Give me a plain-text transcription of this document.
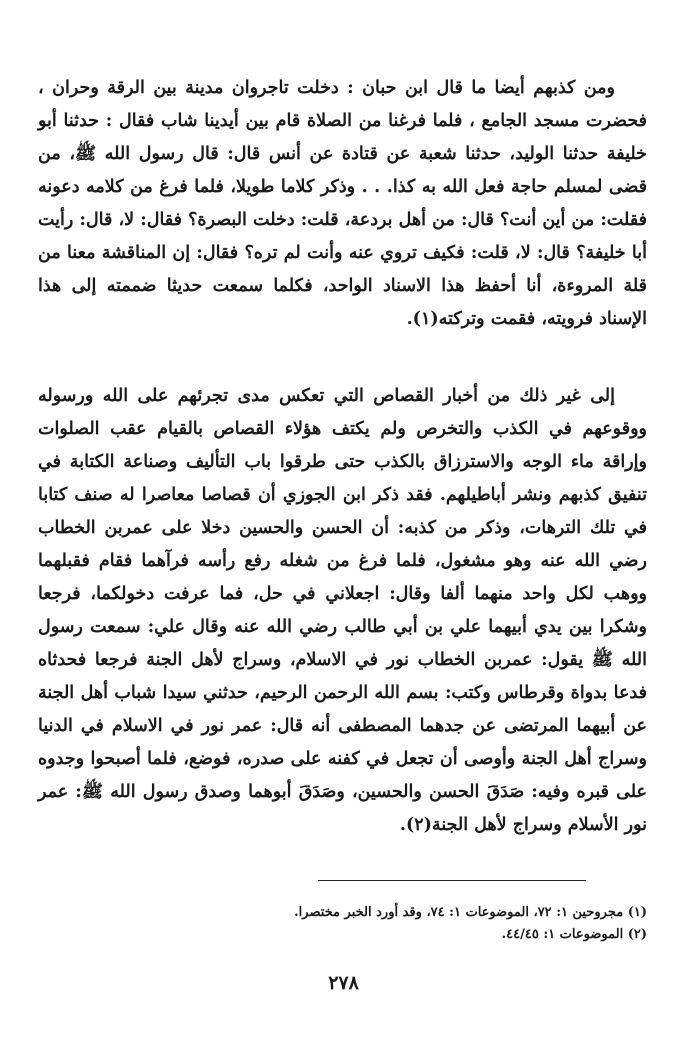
ومن كذبهم أيضا ما قال ابن حبان : دخلت تاجروان مدينة بين الرقة وحران ، فحضرت مسجد الجامع ، فلما فرغنا من الصلاة قام بين أيدينا شاب فقال : حدثنا أبو خليفة حدثنا الوليد، حدثنا شعبة عن قتادة عن أنس قال: قال رسول الله ﷺ، من قضى لمسلم حاجة فعل الله به كذا. . . وذكر كلاما طويلا، فلما فرغ من كلامه دعونه فقلت: من أين أنت؟ قال: من أهل بردعة، قلت: دخلت البصرة؟ فقال: لا، قال: رأيت أبا خليفة؟ قال: لا، قلت: فكيف تروي عنه وأنت لم تره؟ فقال: إن المناقشة معنا من قلة المروءة، أنا أحفظ هذا الاسناد الواحد، فكلما سمعت حديثا ضممته إلى هذا الإسناد فرويته، فقمت وتركته(١).

إلى غير ذلك من أخبار القصاص التي تعكس مدى تجرئهم على الله ورسوله ووقوعهم في الكذب والتخرص ولم يكتف هؤلاء القصاص بالقيام عقب الصلوات وإراقة ماء الوجه والاسترزاق بالكذب حتى طرقوا باب التأليف وصناعة الكتابة في تنفيق كذبهم ونشر أباطيلهم. فقد ذكر ابن الجوزي أن قصاصا معاصرا له صنف كتابا في تلك الترهات، وذكر من كذبه: أن الحسن والحسين دخلا على عمربن الخطاب رضي الله عنه وهو مشغول، فلما فرغ من شغله رفع رأسه فرآهما فقام فقبلهما ووهب لكل واحد منهما ألفا وقال: اجعلاني في حل، فما عرفت دخولكما، فرجعا وشكرا بين يدي أبيهما علي بن أبي طالب رضي الله عنه وقال علي: سمعت رسول الله ﷺ يقول: عمربن الخطاب نور في الاسلام، وسراج لأهل الجنة فرجعا فحدثاه فدعا بدواة وقرطاس وكتب: بسم الله الرحمن الرحيم، حدثني سيدا شباب أهل الجنة عن أبيهما المرتضى عن جدهما المصطفى أنه قال: عمر نور في الاسلام في الدنيا وسراج أهل الجنة وأوصى أن تجعل في كفنه على صدره، فوضع، فلما أصبحوا وجدوه على قبره وفيه: صَدَقَ الحسن والحسين، وصَدَقَ أبوهما وصدق رسول الله ﷺ: عمر نور الأسلام وسراج لأهل الجنة(٢).

(١) مجروحين ١: ٧٢، الموضوعات ١: ٧٤، وقد أورد الخبر مختصرا.
(٢) الموضوعات ١: ٤٤/٤٥.
٢٧٨
